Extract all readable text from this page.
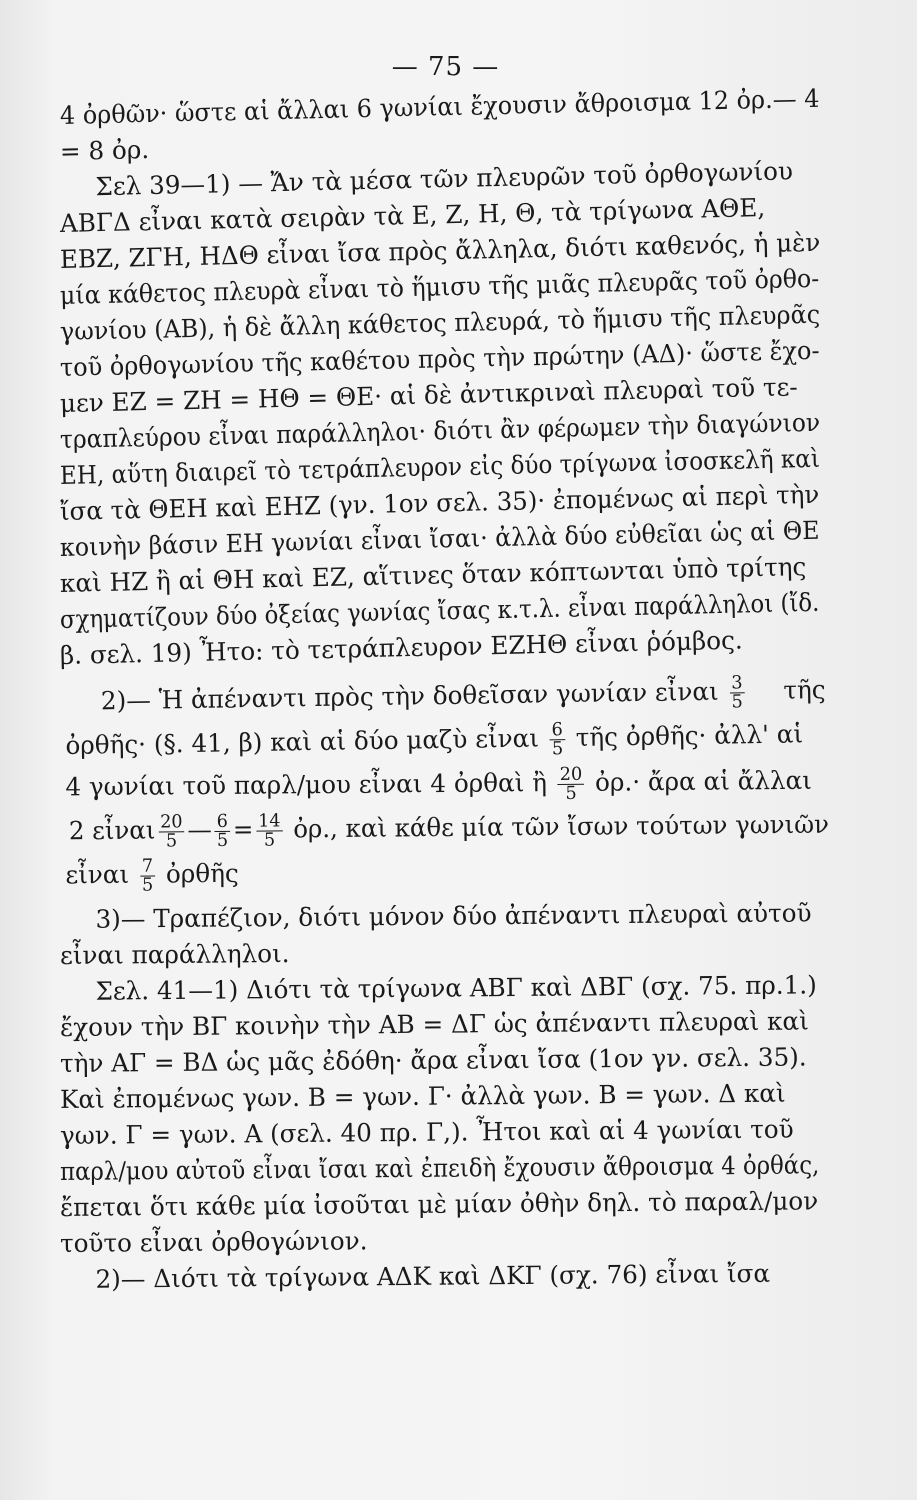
— 75 —
4 ὀρθῶν· ὥστε αἱ ἄλλαι 6 γωνίαι ἔχουσιν ἄθροισμα 12 ὀρ.— 4
= 8 ὀρ.
Σελ 39—1) — Ἄν τὰ μέσα τῶν πλευρῶν τοῦ ὀρθογωνίου
ΑΒΓΔ εἶναι κατὰ σειρὰν τὰ Ε, Ζ, Η, Θ, τὰ τρίγωνα ΑΘΕ,
ΕΒΖ, ΖΓΗ, ΗΔΘ εἶναι ἴσα πρὸς ἄλληλα, διότι καθενός, ἡ μὲν
μία κάθετος πλευρὰ εἶναι τὸ ἥμισυ τῆς μιᾶς πλευρᾶς τοῦ ὀρθο-
γωνίου (ΑΒ), ἡ δὲ ἄλλη κάθετος πλευρά, τὸ ἥμισυ τῆς πλευρᾶς
τοῦ ὀρθογωνίου τῆς καθέτου πρὸς τὴν πρώτην (ΑΔ)· ὥστε ἔχο-
μεν ΕΖ = ΖΗ = ΗΘ = ΘΕ· αἱ δὲ ἀντικριναὶ πλευραὶ τοῦ τε-
τραπλεύρου εἶναι παράλληλοι· διότι ἂν φέρωμεν τὴν διαγώνιον
ΕΗ, αὕτη διαιρεῖ τὸ τετράπλευρον εἰς δύο τρίγωνα ἰσοσκελῆ καὶ
ἴσα τὰ ΘΕΗ καὶ ΕΗΖ (γν. 1ον σελ. 35)· ἐπομένως αἱ περὶ τὴν
κοινὴν βάσιν ΕΗ γωνίαι εἶναι ἴσαι· ἀλλὰ δύο εὐθεῖαι ὡς αἱ ΘΕ
καὶ ΗΖ ἢ αἱ ΘΗ καὶ ΕΖ, αἵτινες ὅταν κόπτωνται ὑπὸ τρίτης
σχηματίζουν δύο ὀξείας γωνίας ἴσας κ.τ.λ. εἶναι παράλληλοι (ἴδ.
β. σελ. 19) Ἦτο: τὸ τετράπλευρον ΕΖΗΘ εἶναι ῥόμβος.
2)— Ἡ ἀπέναντι πρὸς τὴν δοθεῖσαν γωνίαν εἶναι $\frac{3}{5}$ τῆς
ὀρθῆς· (§. 41, β) καὶ αἱ δύο μαζὺ εἶναι $\frac{6}{5}$ τῆς ὀρθῆς· ἀλλ' αἱ
4 γωνίαι τοῦ παρλ/μου εἶναι 4 ὀρθαὶ ἢ $\frac{20}{5}$ ὀρ.· ἄρα αἱ ἄλλαι
2 εἶναι $\frac{20}{5}$ — $\frac{6}{5} = \frac{14}{5}$ ὀρ., καὶ κάθε μία τῶν ἴσων τούτων γωνιῶν
εἶναι $\frac{7}{5}$ ὀρθῆς
3)— Τραπέζιον, διότι μόνον δύο ἀπέναντι πλευραὶ αὐτοῦ
εἶναι παράλληλοι.
Σελ. 41—1) Διότι τὰ τρίγωνα ΑΒΓ καὶ ΔΒΓ (σχ. 75. πρ.1.)
ἔχουν τὴν ΒΓ κοινὴν τὴν ΑΒ = ΔΓ ὡς ἀπέναντι πλευραὶ καὶ
τὴν ΑΓ = ΒΔ ὡς μᾶς ἐδόθη· ἄρα εἶναι ἴσα (1ον γν. σελ. 35).
Καὶ ἐπομένως γων. Β = γων. Γ· ἀλλὰ γων. Β = γων. Δ καὶ
γων. Γ = γων. Α (σελ. 40 πρ. Γ,). Ἦτοι καὶ αἱ 4 γωνίαι τοῦ
παρλ/μου αὐτοῦ εἶναι ἴσαι καὶ ἐπειδὴ ἔχουσιν ἄθροισμα 4 ὀρθάς,
ἔπεται ὅτι κάθε μία ἰσοῦται μὲ μίαν ὀθὴν δηλ. τὸ παραλ/μον
τοῦτο εἶναι ὀρθογώνιον.
2)— Διότι τὰ τρίγωνα ΑΔΚ καὶ ΔΚΓ (σχ. 76) εἶναι ἴσα
